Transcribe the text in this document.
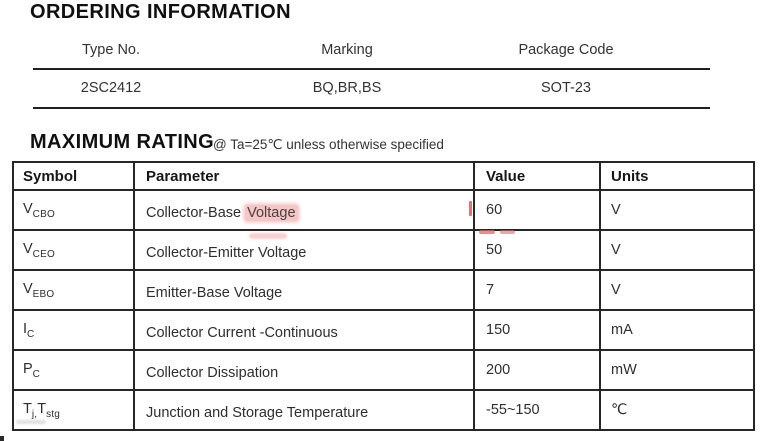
ORDERING INFORMATION
Type No.	Marking	Package Code
2SC2412	BQ,BR,BS	SOT-23
MAXIMUM RATING
@ Ta=25℃ unless otherwise specified
Symbol	Parameter	Value	Units
$V_{CBO}$	Collector-Base Voltage	60	V
$V_{CEO}$	Collector-Emitter Voltage	50	V
$V_{EBO}$	Emitter-Base Voltage	7	V
$I_C$	Collector Current -Continuous	150	mA
$P_C$	Collector Dissipation	200	mW
$T_{j,}T_{stg}$	Junction and Storage Temperature	-55~150	℃
